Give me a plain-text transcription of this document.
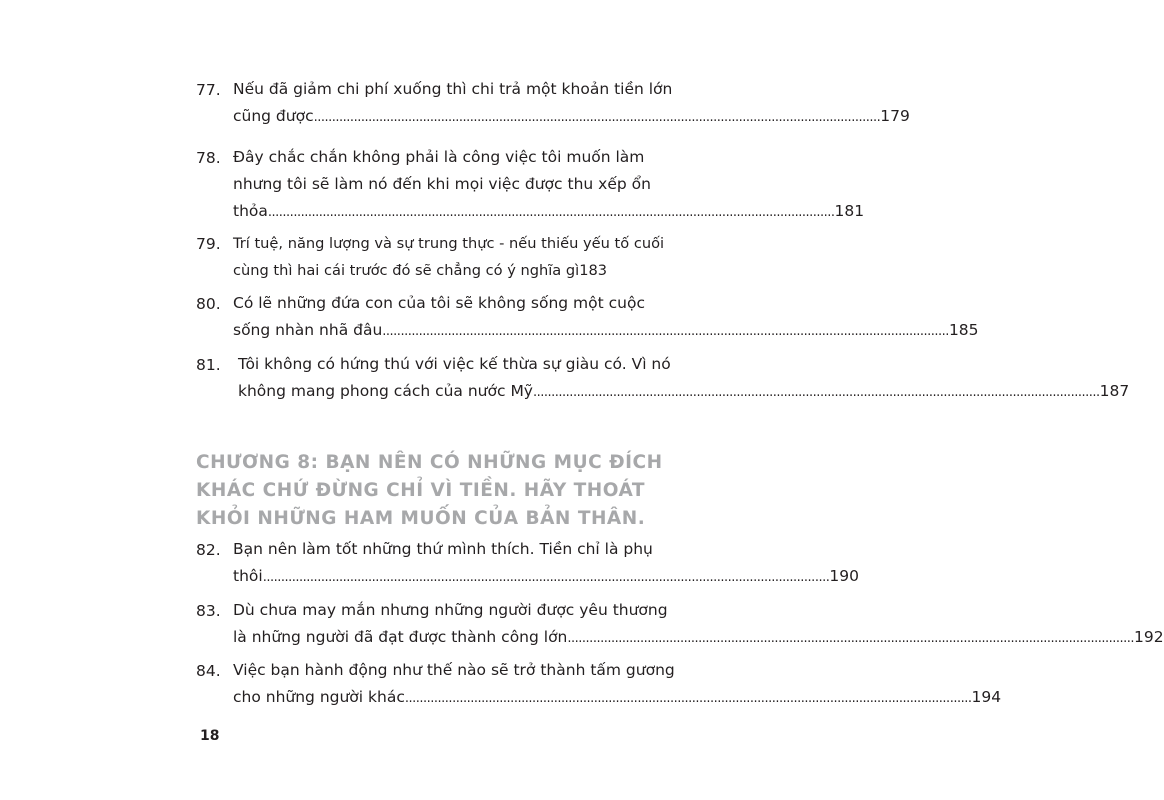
77. Nếu đã giảm chi phí xuống thì chi trả một khoản tiền lớn
cũng được .....	179
78. Đây chắc chắn không phải là công việc tôi muốn làm
nhưng tôi sẽ làm nó đến khi mọi việc được thu xếp ổn
thỏa .....	181
79. Trí tuệ, năng lượng và sự trung thực - nếu thiếu yếu tố cuối
cùng thì hai cái trước đó sẽ chẳng có ý nghĩa gì 183
80. Có lẽ những đứa con của tôi sẽ không sống một cuộc
sống nhàn nhã đâu .....	185
81. Tôi không có hứng thú với việc kế thừa sự giàu có. Vì nó
không mang phong cách của nước Mỹ .....	187
CHƯƠNG 8: BẠN NÊN CÓ NHỮNG MỤC ĐÍCH
KHÁC CHỨ ĐỪNG CHỈ VÌ TIỀN. HÃY THOÁT
KHỎI NHỮNG HAM MUỐN CỦA BẢN THÂN.
82. Bạn nên làm tốt những thứ mình thích. Tiền chỉ là phụ
thôi .....	190
83. Dù chưa may mắn nhưng những người được yêu thương
là những người đã đạt được thành công lớn .....	192
84. Việc bạn hành động như thế nào sẽ trở thành tấm gương
cho những người khác .....	194
18
